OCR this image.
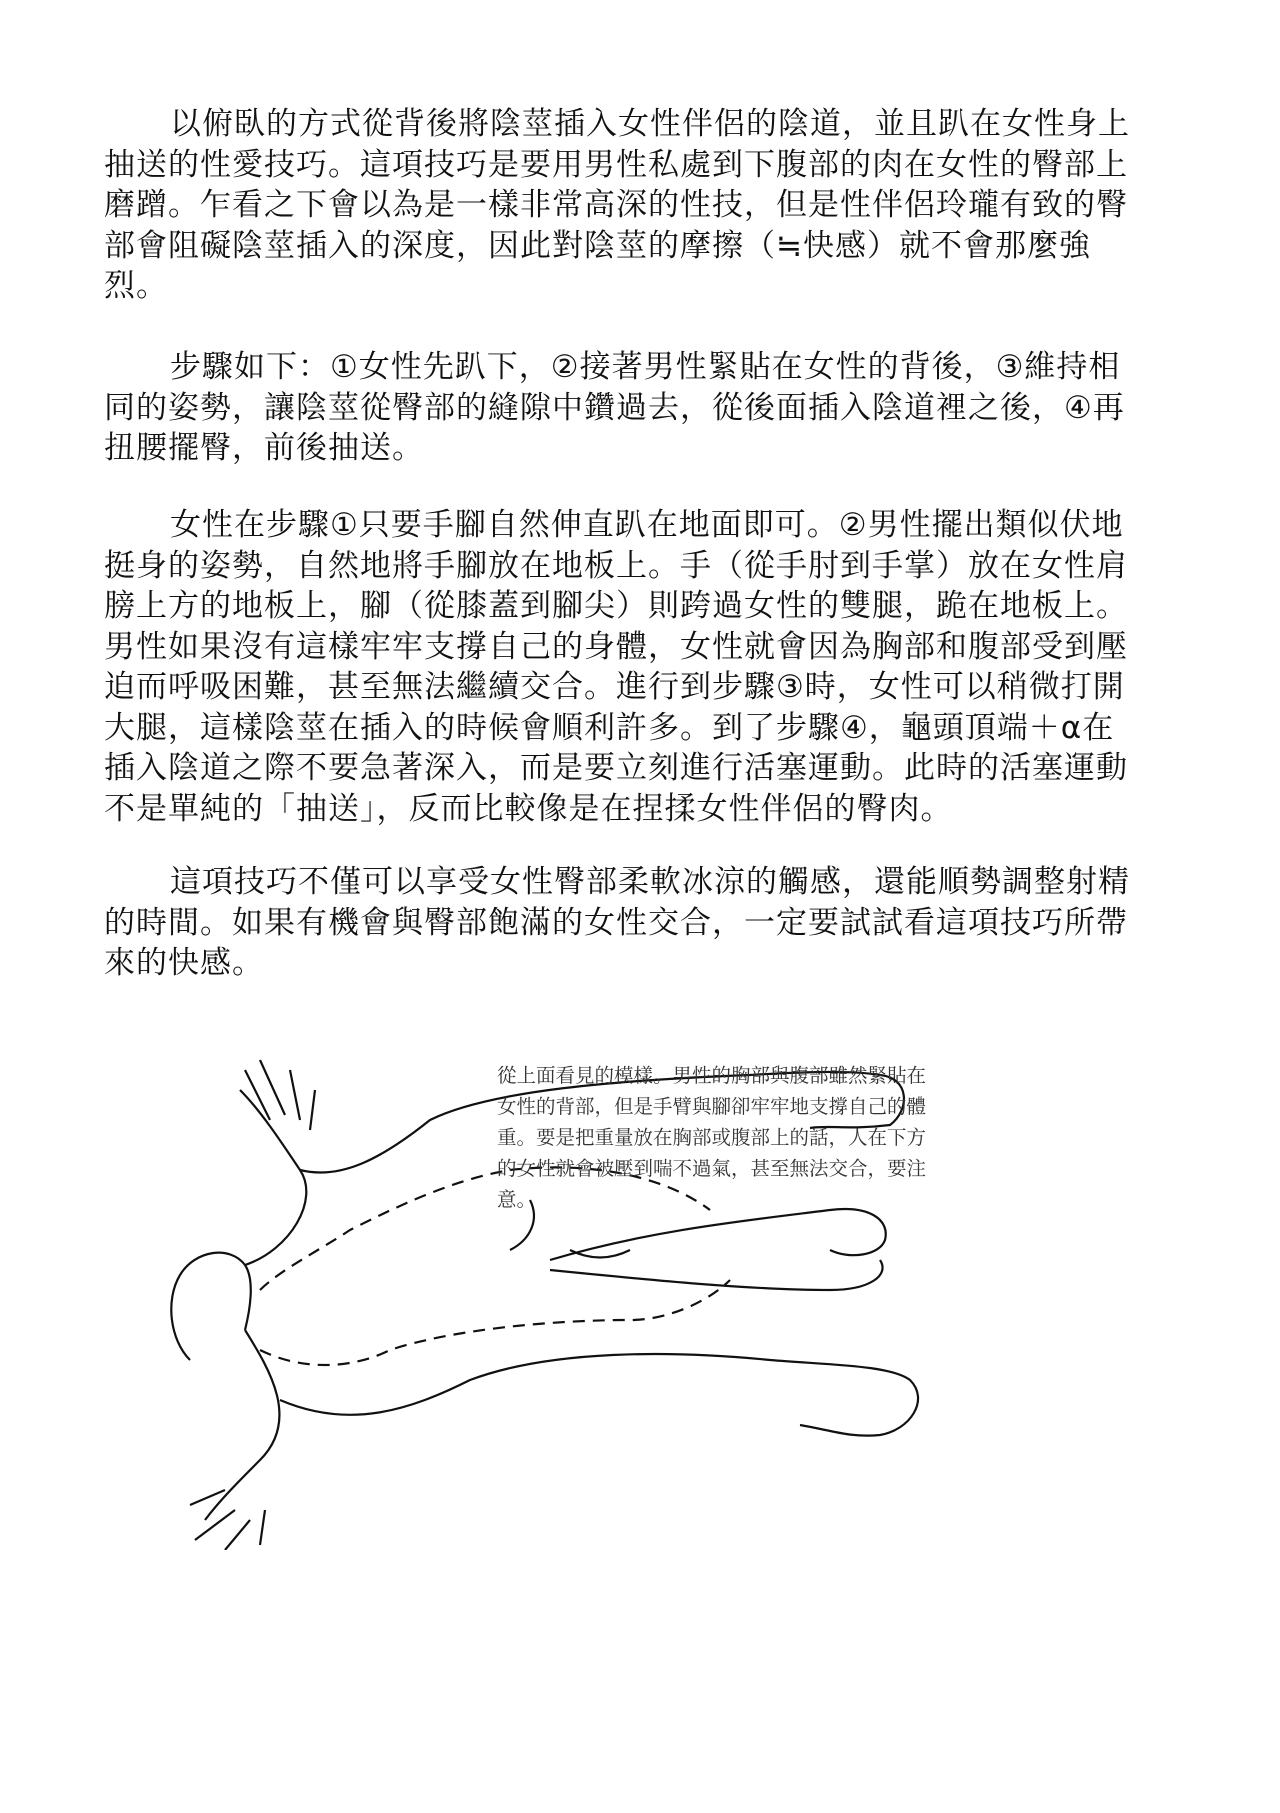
以俯臥的方式從背後將陰莖插入女性伴侶的陰道，並且趴在女性身上
抽送的性愛技巧。這項技巧是要用男性私處到下腹部的肉在女性的臀部上
磨蹭。乍看之下會以為是一樣非常高深的性技，但是性伴侶玲瓏有致的臀
部會阻礙陰莖插入的深度，因此對陰莖的摩擦（≒快感）就不會那麼強
烈。
步驟如下：①女性先趴下，②接著男性緊貼在女性的背後，③維持相
同的姿勢，讓陰莖從臀部的縫隙中鑽過去，從後面插入陰道裡之後，④再
扭腰擺臀，前後抽送。
女性在步驟①只要手腳自然伸直趴在地面即可。②男性擺出類似伏地
挺身的姿勢，自然地將手腳放在地板上。手（從手肘到手掌）放在女性肩
膀上方的地板上，腳（從膝蓋到腳尖）則跨過女性的雙腿，跪在地板上。
男性如果沒有這樣牢牢支撐自己的身體，女性就會因為胸部和腹部受到壓
迫而呼吸困難，甚至無法繼續交合。進行到步驟③時，女性可以稍微打開
大腿，這樣陰莖在插入的時候會順利許多。到了步驟④，龜頭頂端＋α在
插入陰道之際不要急著深入，而是要立刻進行活塞運動。此時的活塞運動
不是單純的「抽送」，反而比較像是在捏揉女性伴侶的臀肉。
這項技巧不僅可以享受女性臀部柔軟冰涼的觸感，還能順勢調整射精
的時間。如果有機會與臀部飽滿的女性交合，一定要試試看這項技巧所帶
來的快感。
從上面看見的模樣。男性的胸部與腹部雖然緊貼在
女性的背部，但是手臂與腳卻牢牢地支撐自己的體
重。要是把重量放在胸部或腹部上的話，人在下方
的女性就會被壓到喘不過氣，甚至無法交合，要注
意。
